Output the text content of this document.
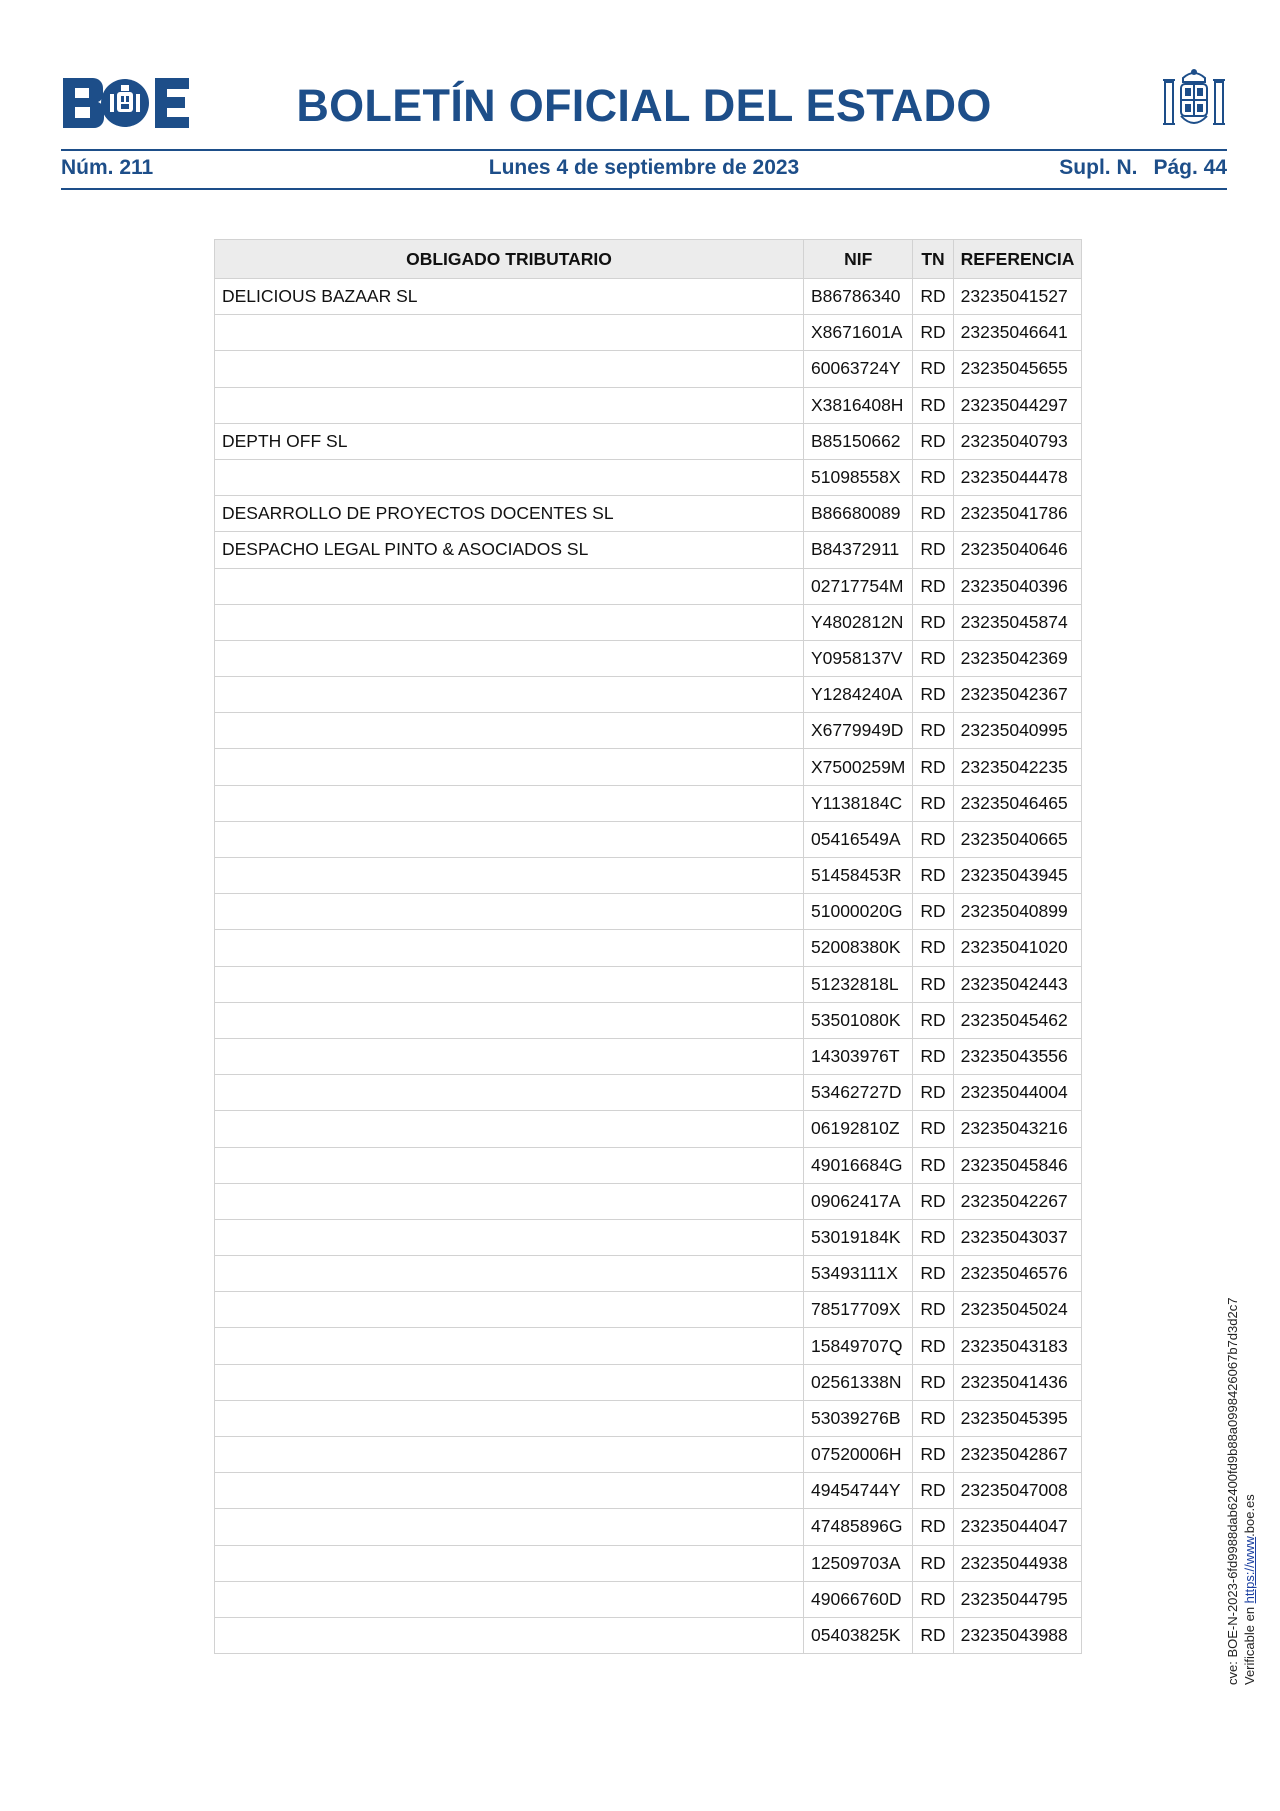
BOLETÍN OFICIAL DEL ESTADO
Núm. 211	Lunes 4 de septiembre de 2023	Supl. N. Pág. 44
OBLIGADO TRIBUTARIO	NIF	TN	REFERENCIA
DELICIOUS BAZAAR SL	B86786340	RD	23235041527
	X8671601A	RD	23235046641
	60063724Y	RD	23235045655
	X3816408H	RD	23235044297
DEPTH OFF SL	B85150662	RD	23235040793
	51098558X	RD	23235044478
DESARROLLO DE PROYECTOS DOCENTES SL	B86680089	RD	23235041786
DESPACHO LEGAL PINTO & ASOCIADOS SL	B84372911	RD	23235040646
	02717754M	RD	23235040396
	Y4802812N	RD	23235045874
	Y0958137V	RD	23235042369
	Y1284240A	RD	23235042367
	X6779949D	RD	23235040995
	X7500259M	RD	23235042235
	Y1138184C	RD	23235046465
	05416549A	RD	23235040665
	51458453R	RD	23235043945
	51000020G	RD	23235040899
	52008380K	RD	23235041020
	51232818L	RD	23235042443
	53501080K	RD	23235045462
	14303976T	RD	23235043556
	53462727D	RD	23235044004
	06192810Z	RD	23235043216
	49016684G	RD	23235045846
	09062417A	RD	23235042267
	53019184K	RD	23235043037
	53493111X	RD	23235046576
	78517709X	RD	23235045024
	15849707Q	RD	23235043183
	02561338N	RD	23235041436
	53039276B	RD	23235045395
	07520006H	RD	23235042867
	49454744Y	RD	23235047008
	47485896G	RD	23235044047
	12509703A	RD	23235044938
	49066760D	RD	23235044795
	05403825K	RD	23235043988	cve: BOE-N-2023-6fd9988dab62400fd9b88a0998426067b7d3d2c7 Verificable en https://www.boe.es
